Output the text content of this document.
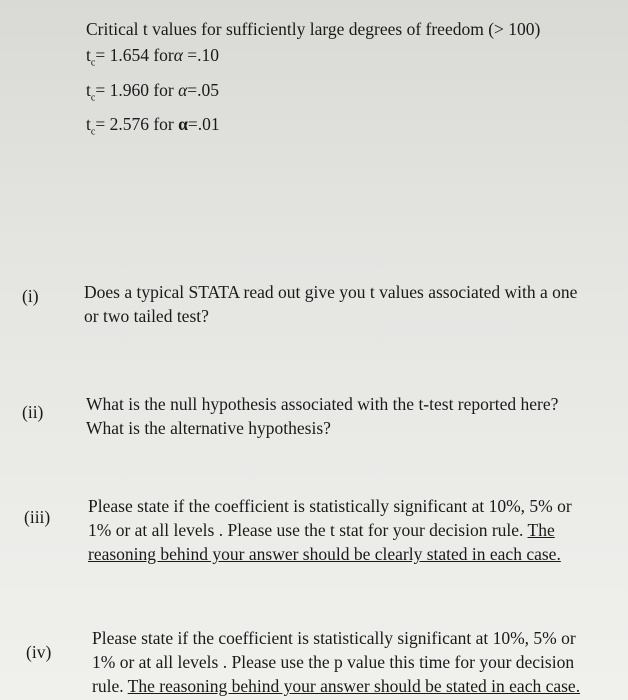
Critical t values for sufficiently large degrees of freedom (> 100)
$t_c= 1.654$ forα =.10
$t_c= 1.960$ for α=.05
$t_c= 2.576$ for α=.01
(i)	Does a typical STATA read out give you t values associated with a one
or two tailed test?
(ii) What is the null hypothesis associated with the t-test reported here?
What is the alternative hypothesis?
(iii)
Please state if the coefficient is statistically significant at 10%, 5% or
1% or at all levels . Please use the t stat for your decision rule. The
reasoning behind your answer should be clearly stated in each case.
(iv)
Please state if the coefficient is statistically significant at 10%, 5% or
1% or at all levels . Please use the p value this time for your decision
rule. The reasoning behind your answer should be stated in each case.
